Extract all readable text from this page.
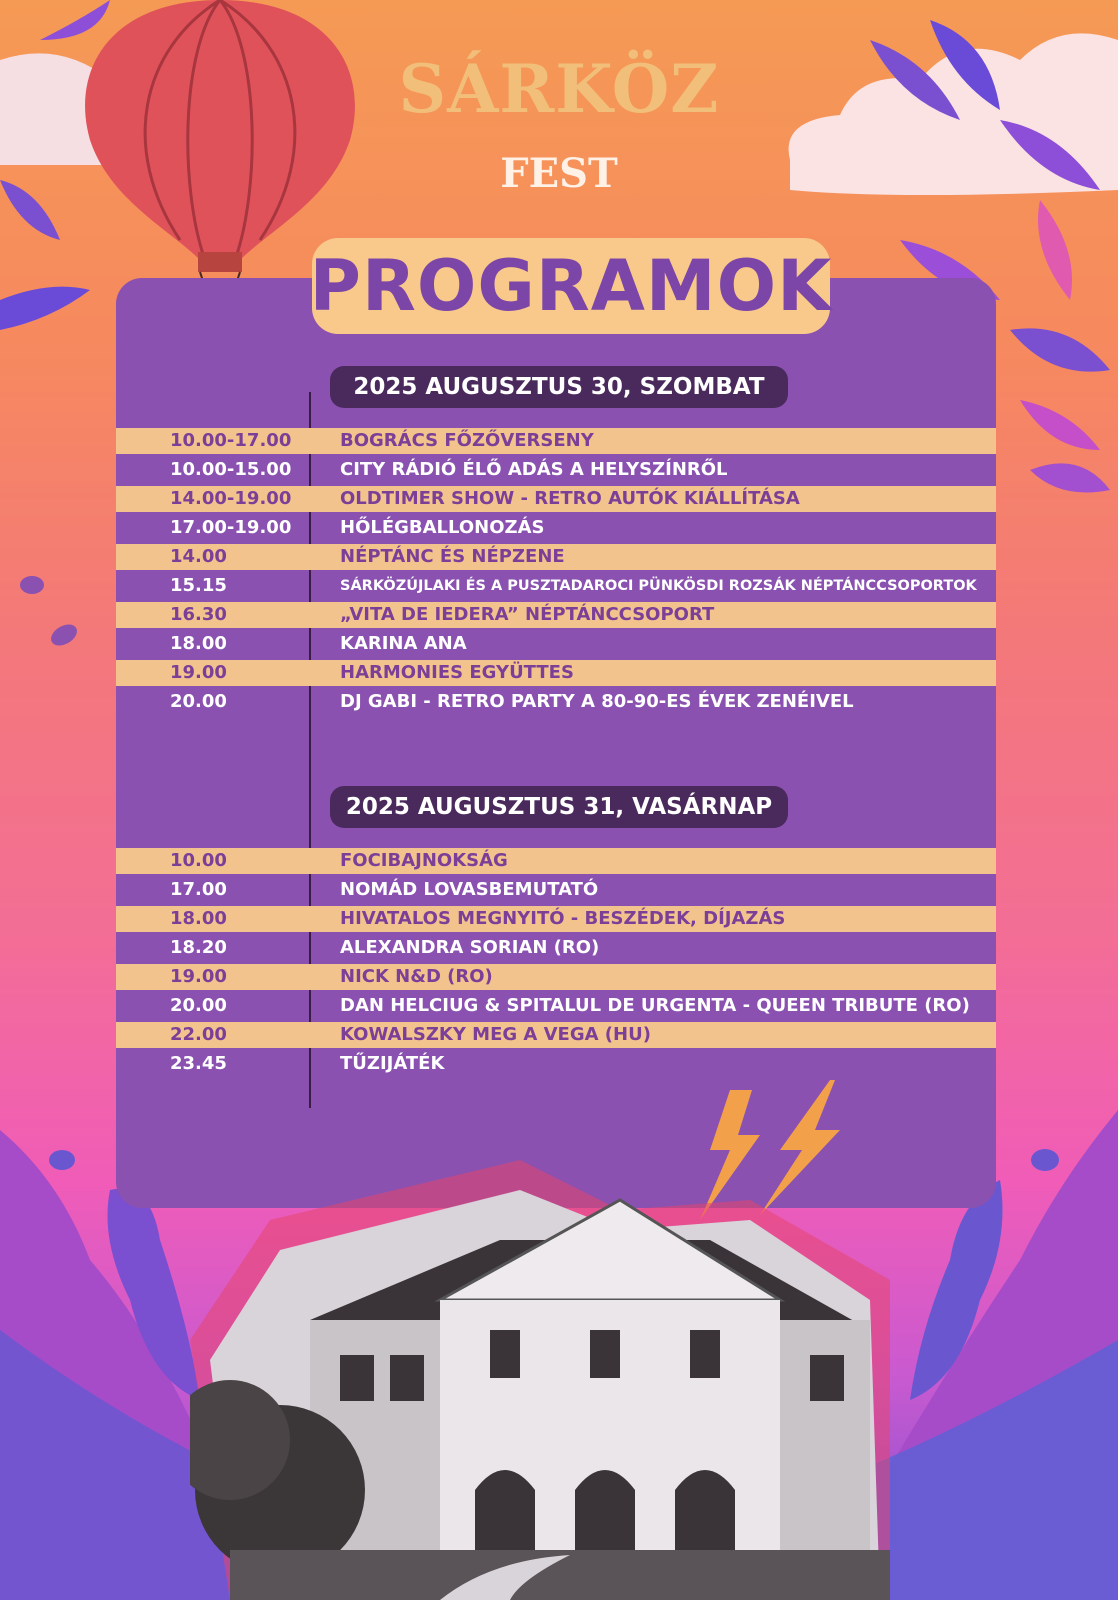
SÁRKÖZ
FEST
PROGRAMOK
2025 AUGUSZTUS 30, SZOMBAT
10.00-17.00	BOGRÁCS FŐZŐVERSENY
10.00-15.00	CITY RÁDIÓ ÉLŐ ADÁS A HELYSZÍNRŐL
14.00-19.00	OLDTIMER SHOW - RETRO AUTÓK KIÁLLÍTÁSA
17.00-19.00	HŐLÉGBALLONOZÁS
14.00	NÉPTÁNC ÉS NÉPZENE
15.15	SÁRKÖZÚJLAKI ÉS A PUSZTADAROCI PÜNKÖSDI ROZSÁK NÉPTÁNCCSOPORTOK
16.30	„VITA DE IEDERA” NÉPTÁNCCSOPORT
18.00	KARINA ANA
19.00	HARMONIES EGYÜTTES
20.00	DJ GABI - RETRO PARTY A 80-90-ES ÉVEK ZENÉIVEL
2025 AUGUSZTUS 31, VASÁRNAP
10.00	FOCIBAJNOKSÁG
17.00	NOMÁD LOVASBEMUTATÓ
18.00	HIVATALOS MEGNYITÓ - BESZÉDEK, DÍJAZÁS
18.20	ALEXANDRA SORIAN (RO)
19.00	NICK N&D (RO)
20.00	DAN HELCIUG & SPITALUL DE URGENTA - QUEEN TRIBUTE (RO)
22.00	KOWALSZKY MEG A VEGA (HU)
23.45	TŰZIJÁTÉK
